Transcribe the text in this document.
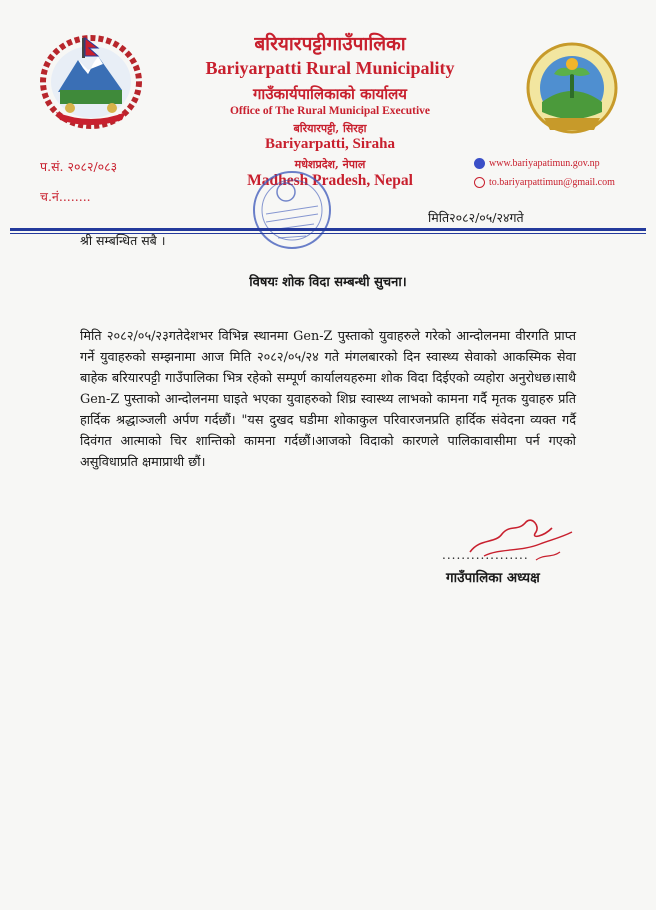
बरियारपट्टीगाउँपालिका
Bariyarpatti Rural Municipality
गाउँकार्यपालिकाको कार्यालय
Office of The Rural Municipal Executive
बरियारपट्टी, सिरहा
Bariyarpatti, Siraha
मधेशप्रदेश, नेपाल
Madhesh Pradesh, Nepal
प.सं. २०८२/०८३
च.नं........
www.bariyapatimun.gov.np
to.bariyarpattimun@gmail.com
मिति२०८२/०५/२४गते
श्री सम्बन्धित सबै ।
विषयः शोक विदा सम्बन्धी सुचना।
मिति २०८२/०५/२३गतेदेशभर विभिन्न स्थानमा Gen-Z पुस्ताको युवाहरुले गरेको आन्दोलनमा वीरगति प्राप्त गर्ने युवाहरुको सम्झनामा आज मिति २०८२/०५/२४ गते मंगलबारको दिन स्वास्थ्य सेवाको आकस्मिक सेवा बाहेक बरियारपट्टी गाउँपालिका भित्र रहेको सम्पूर्ण कार्यालयहरुमा शोक विदा दिईएको व्यहोरा अनुरोधछ।साथै Gen-Z पुस्ताको आन्दोलनमा घाइते भएका युवाहरुको शिघ्र स्वास्थ्य लाभको कामना गर्दै मृतक युवाहरु प्रति हार्दिक श्रद्धाञ्जली अर्पण गर्दछौं। "यस दुखद घडीमा शोकाकुल परिवारजनप्रति हार्दिक संवेदना व्यक्त गर्दै दिवंगत आत्माको चिर शान्तिको कामना गर्दछौं।आजको विदाको कारणले पालिकावासीमा पर्न गएको असुविधाप्रति क्षमाप्राथी छौं।
..................
गाउँपालिका अध्यक्ष
